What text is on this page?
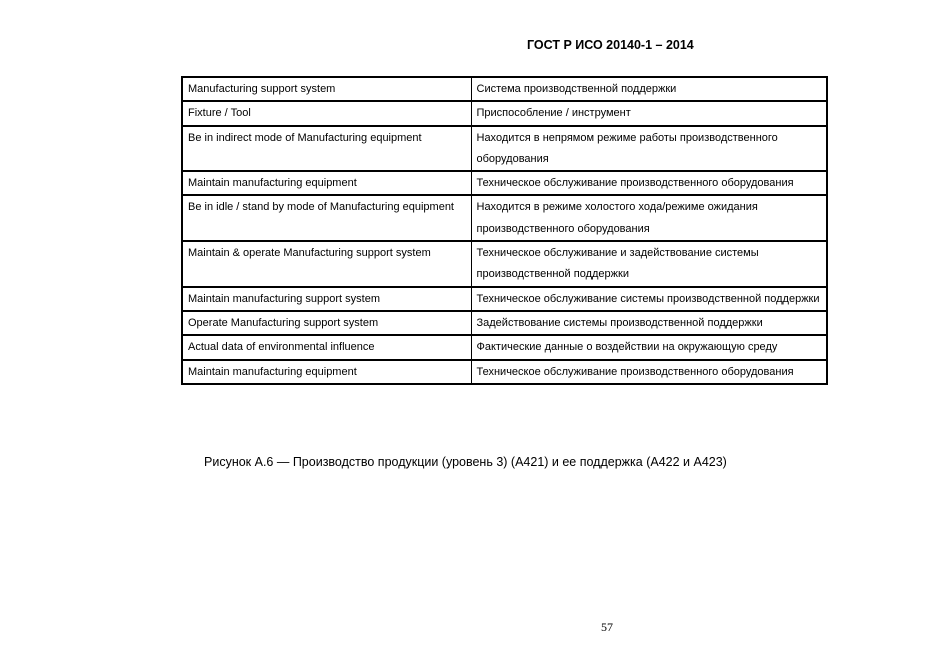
ГОСТ Р ИСО 20140-1 – 2014
Manufacturing support system	Система производственной поддержки

Fixture / Tool	Приспособление / инструмент

Be in indirect mode of Manufacturing equipment	Находится в непрямом режиме работы производственного оборудования

Maintain manufacturing equipment	Техническое обслуживание производственного оборудования

Be in idle / stand by mode of Manufacturing equipment	Находится в режиме холостого хода/режиме ожидания производственного оборудования

Maintain & operate Manufacturing support system	Техническое обслуживание и задействование системы производственной поддержки

Maintain manufacturing support system	Техническое обслуживание системы производственной поддержки

Operate Manufacturing support system	Задействование системы производственной поддержки

Actual data of environmental influence	Фактические данные о воздействии на окружающую среду

Maintain manufacturing equipment	Техническое обслуживание производственного оборудования
Рисунок А.6 — Производство продукции (уровень 3) (А421) и ее поддержка (А422 и А423)
57
